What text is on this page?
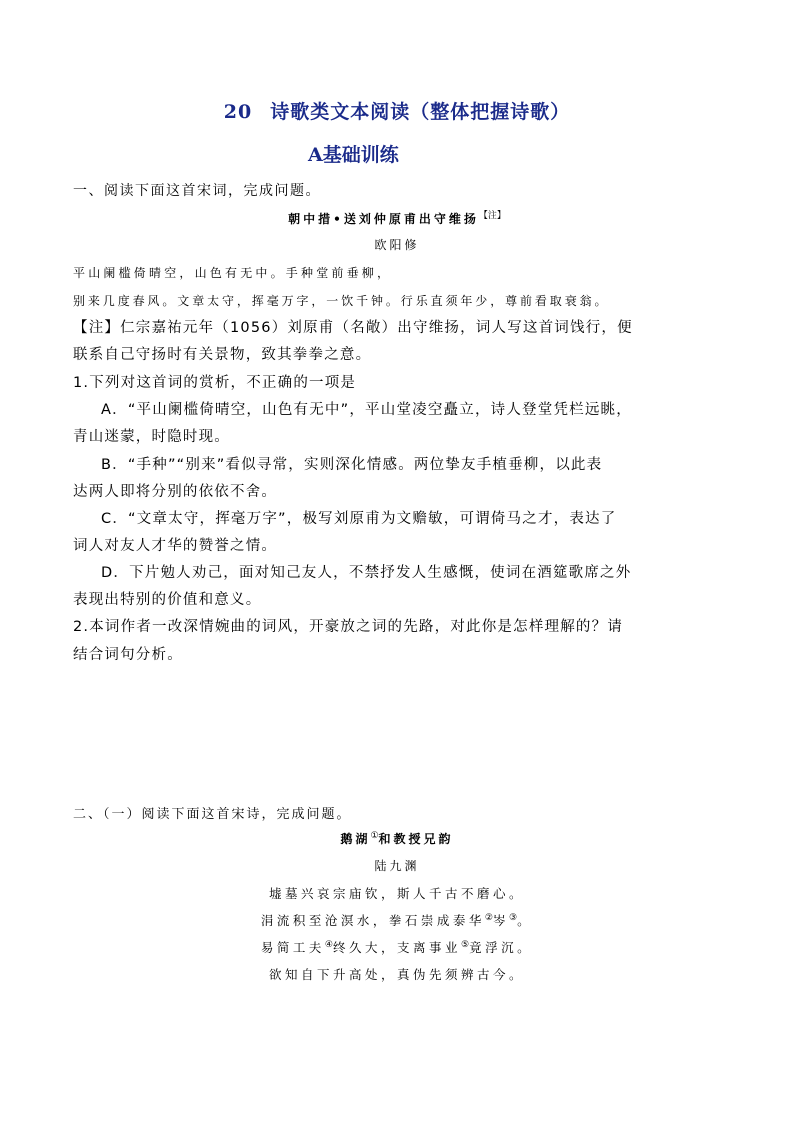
20 诗歌类文本阅读（整体把握诗歌）
A基础训练
一、阅读下面这首宋词，完成问题。
朝中措•送刘仲原甫出守维扬$^{【注】}$
欧阳修
平山阑槛倚晴空，山色有无中。手种堂前垂柳，
别来几度春风。文章太守，挥毫万字，一饮千钟。行乐直须年少，尊前看取衰翁。
【注】仁宗嘉祐元年（1056）刘原甫（名敞）出守维扬，词人写这首词饯行，便
联系自己守扬时有关景物，致其拳拳之意。
1.下列对这首词的赏析，不正确的一项是
A．“平山阑槛倚晴空，山色有无中”，平山堂凌空矗立，诗人登堂凭栏远眺，
青山迷蒙，时隐时现。
B．“手种”“别来”看似寻常，实则深化情感。两位挚友手植垂柳，以此表
达两人即将分别的依依不舍。
C．“文章太守，挥毫万字”，极写刘原甫为文赡敏，可谓倚马之才，表达了
词人对友人才华的赞誉之情。
D．下片勉人劝己，面对知己友人，不禁抒发人生感慨，使词在酒筵歌席之外
表现出特别的价值和意义。
2.本词作者一改深情婉曲的词风，开豪放之词的先路，对此你是怎样理解的？请
结合词句分析。
二、（一）阅读下面这首宋诗，完成问题。
鹅湖①和教授兄韵
陆九渊
墟墓兴哀宗庙钦，斯人千古不磨心。
涓流积至沧溟水，拳石崇成泰华②岑③。
易简工夫④终久大，支离事业⑤竟浮沉。
欲知自下升高处，真伪先须辨古今。
